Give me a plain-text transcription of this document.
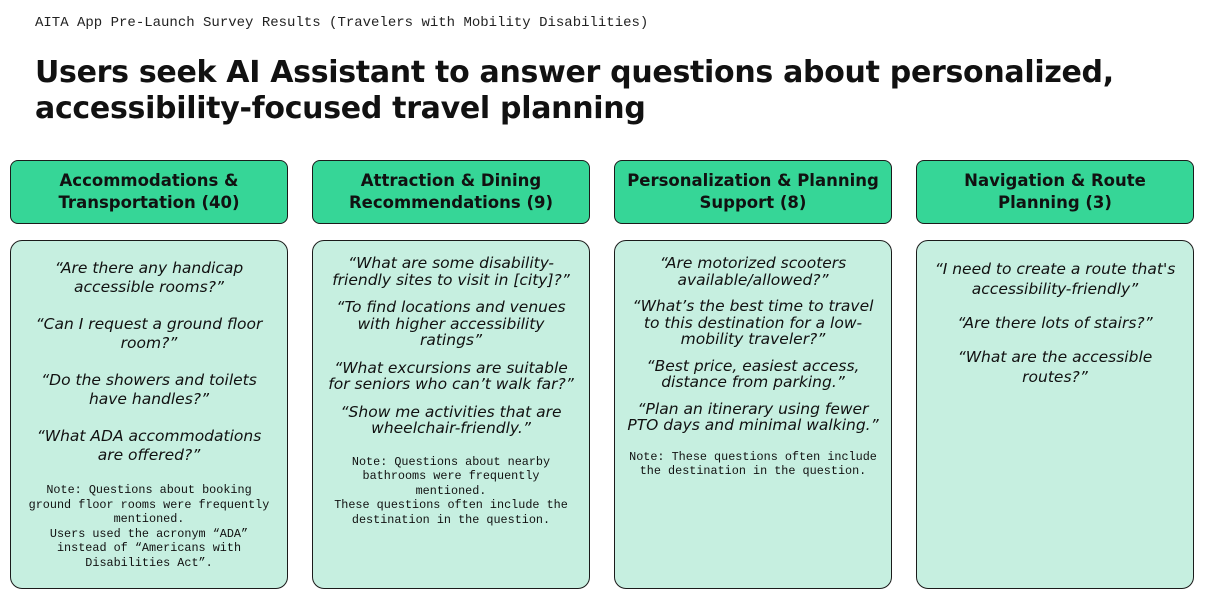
AITA App Pre-Launch Survey Results (Travelers with Mobility Disabilities)
Users seek AI Assistant to answer questions about personalized, accessibility-focused travel planning
Accommodations & Transportation (40)

“Are there any handicap accessible rooms?”

“Can I request a ground floor room?”

“Do the showers and toilets have handles?”

“What ADA accommodations are offered?”

Note: Questions about booking ground floor rooms were frequently mentioned.
Users used the acronym “ADA” instead of “Americans with Disabilities Act”.
Attraction & Dining Recommendations (9)

“What are some disability-friendly sites to visit in [city]?”

“To find locations and venues with higher accessibility ratings”

“What excursions are suitable for seniors who can’t walk far?”

“Show me activities that are wheelchair-friendly.”

Note: Questions about nearby bathrooms were frequently mentioned.
These questions often include the destination in the question.
Personalization & Planning Support (8)

“Are motorized scooters available/allowed?”

“What’s the best time to travel to this destination for a low-mobility traveler?”

“Best price, easiest access, distance from parking.”

“Plan an itinerary using fewer PTO days and minimal walking.”

Note: These questions often include the destination in the question.
Navigation & Route Planning (3)

“I need to create a route that's accessibility-friendly”

“Are there lots of stairs?”

“What are the accessible routes?”
